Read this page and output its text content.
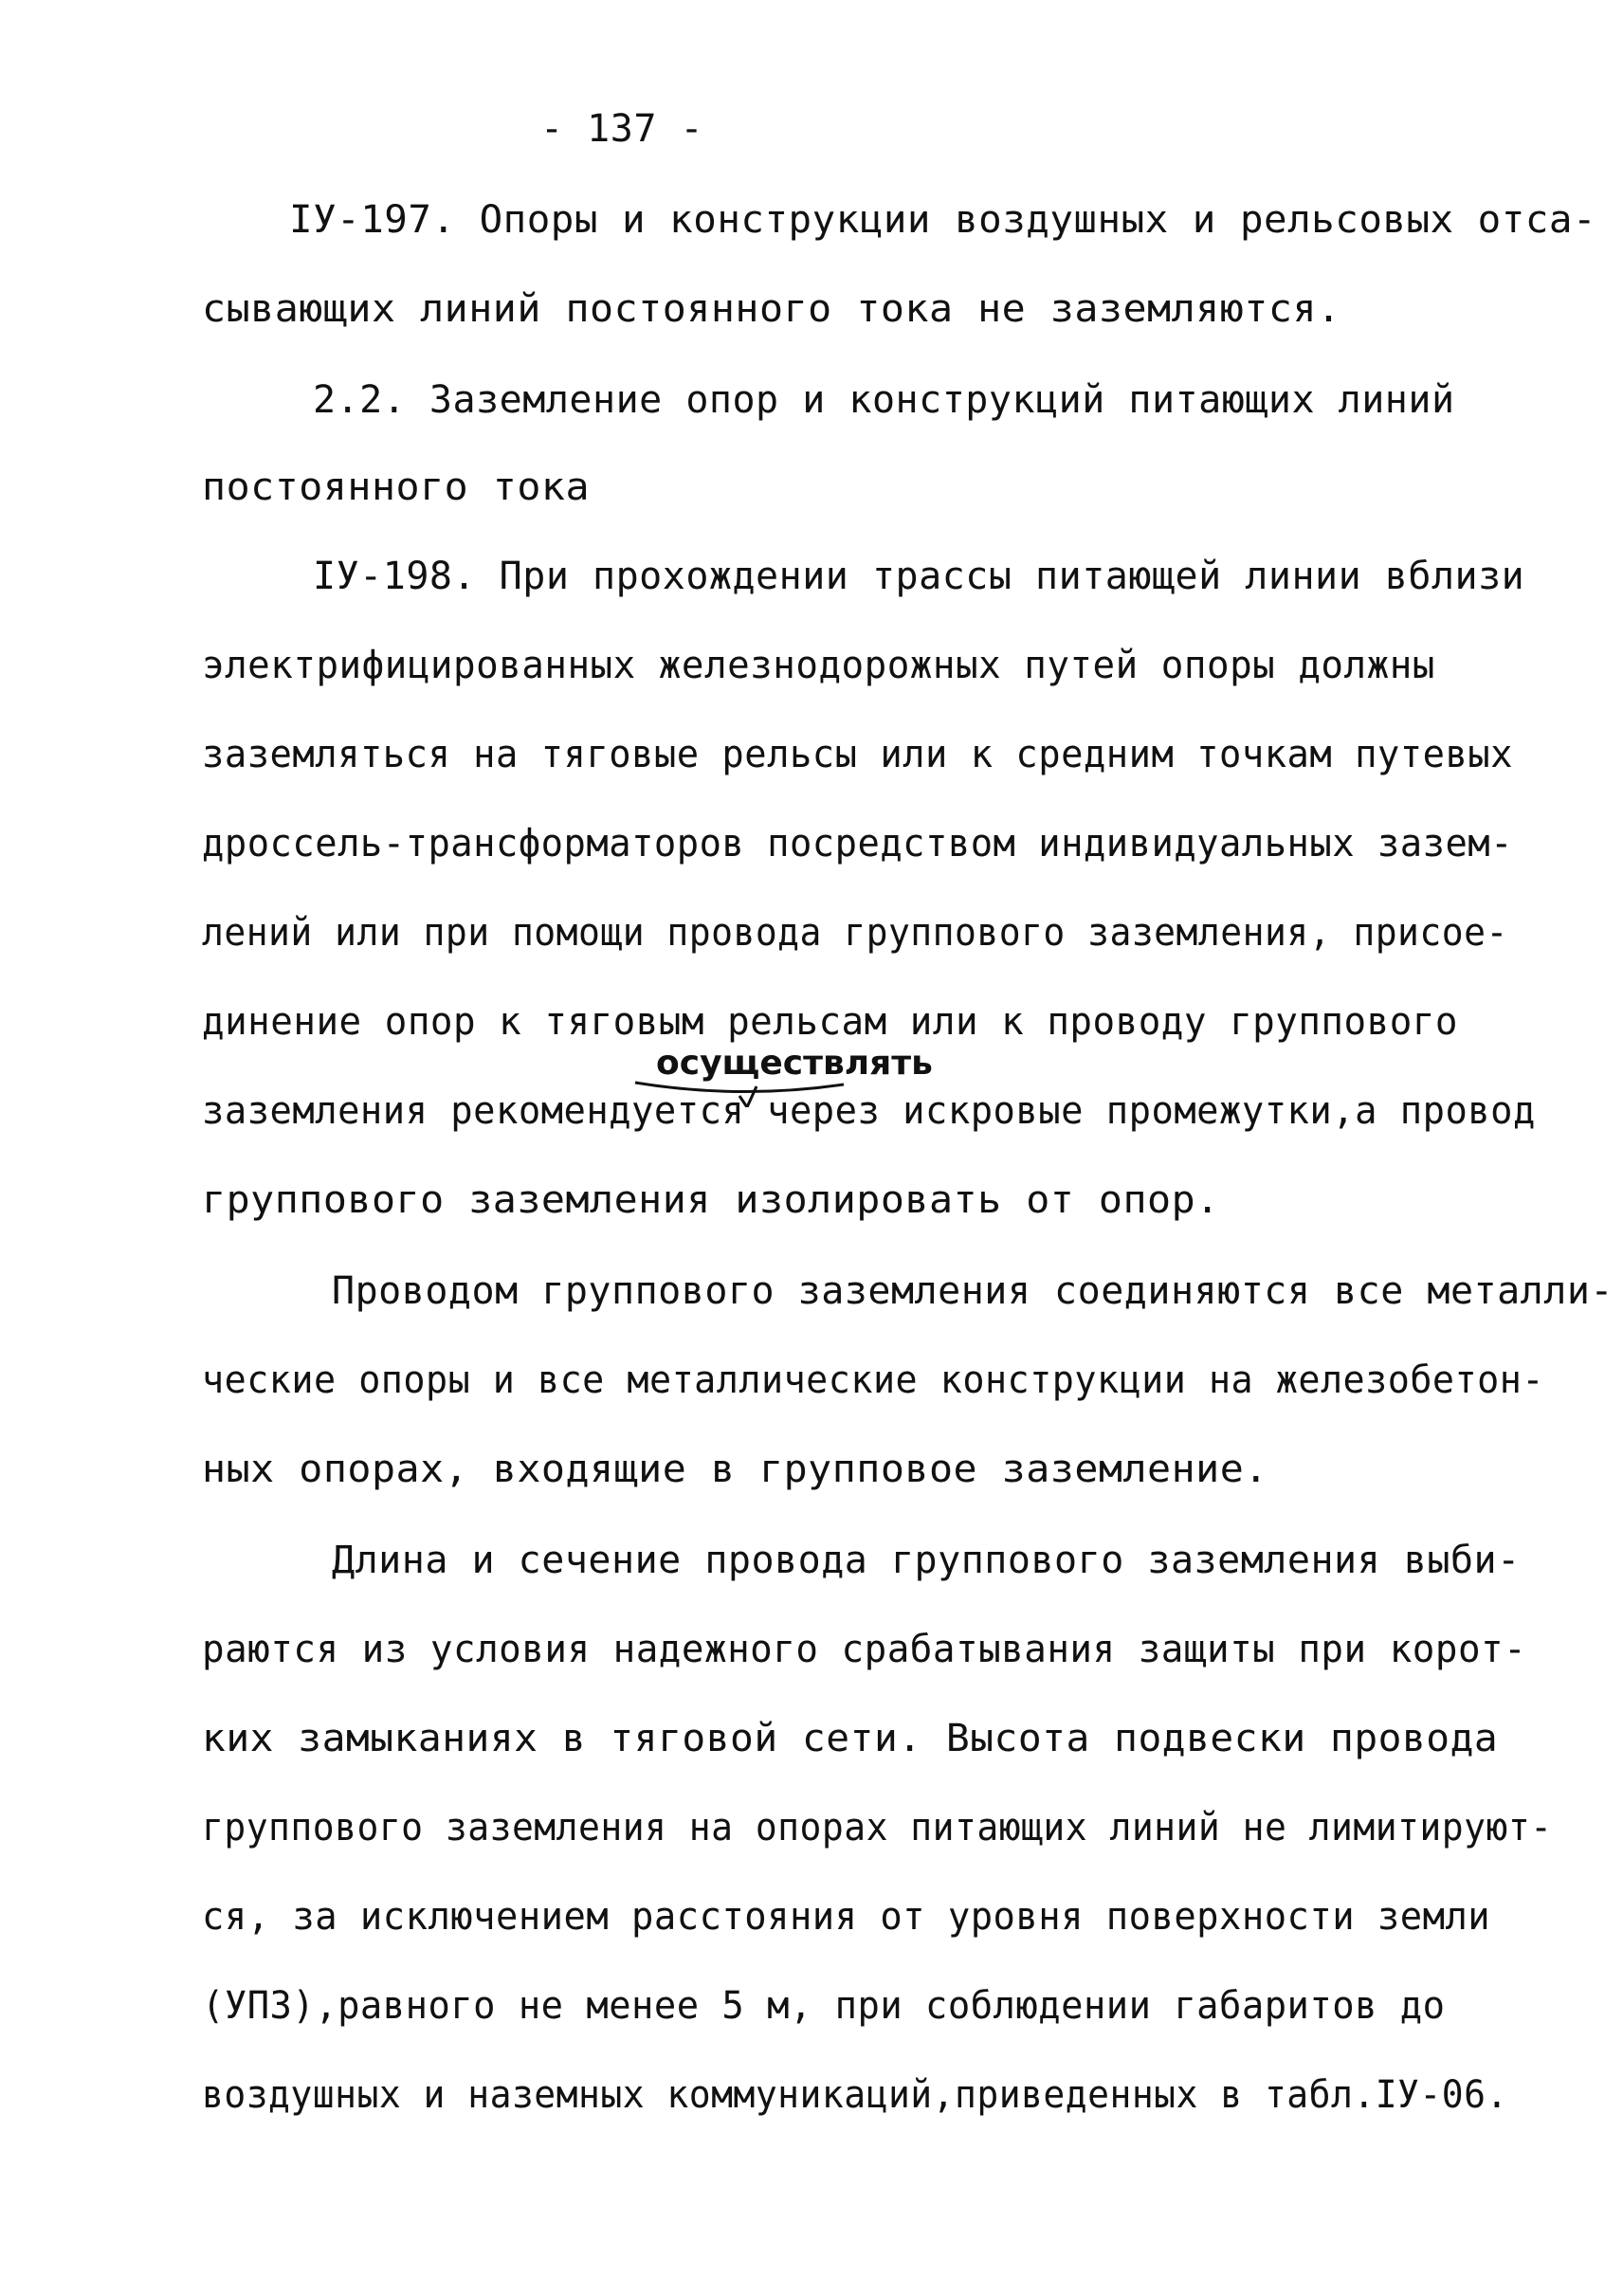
- 137 -
ІУ-197. Опоры и конструкции воздушных и рельсовых отса-
сывающих линий постоянного тока не заземляются.
2.2. Заземление опор и конструкций питающих линий
постоянного тока
ІУ-198. При прохождении трассы питающей линии вблизи
электрифицированных железнодорожных путей опоры должны
заземляться на тяговые рельсы или к средним точкам путевых
дроссель-трансформаторов посредством индивидуальных зазем-
лений или при помощи провода группового заземления, присое-
динение опор к тяговым рельсам или к проводу группового
осуществлять
заземления рекомендуется через искровые промежутки,а провод
группового заземления изолировать от опор.
Проводом группового заземления соединяются все металли-
ческие опоры и все металлические конструкции на железобетон-
ных опорах, входящие в групповое заземление.
Длина и сечение провода группового заземления выби-
раются из условия надежного срабатывания защиты при корот-
ких замыканиях в тяговой сети. Высота подвески провода
группового заземления на опорах питающих линий не лимитируют-
ся, за исключением расстояния от уровня поверхности земли
(УПЗ),равного не менее 5 м, при соблюдении габаритов до
воздушных и наземных коммуникаций,приведенных в табл.ІУ-06.
